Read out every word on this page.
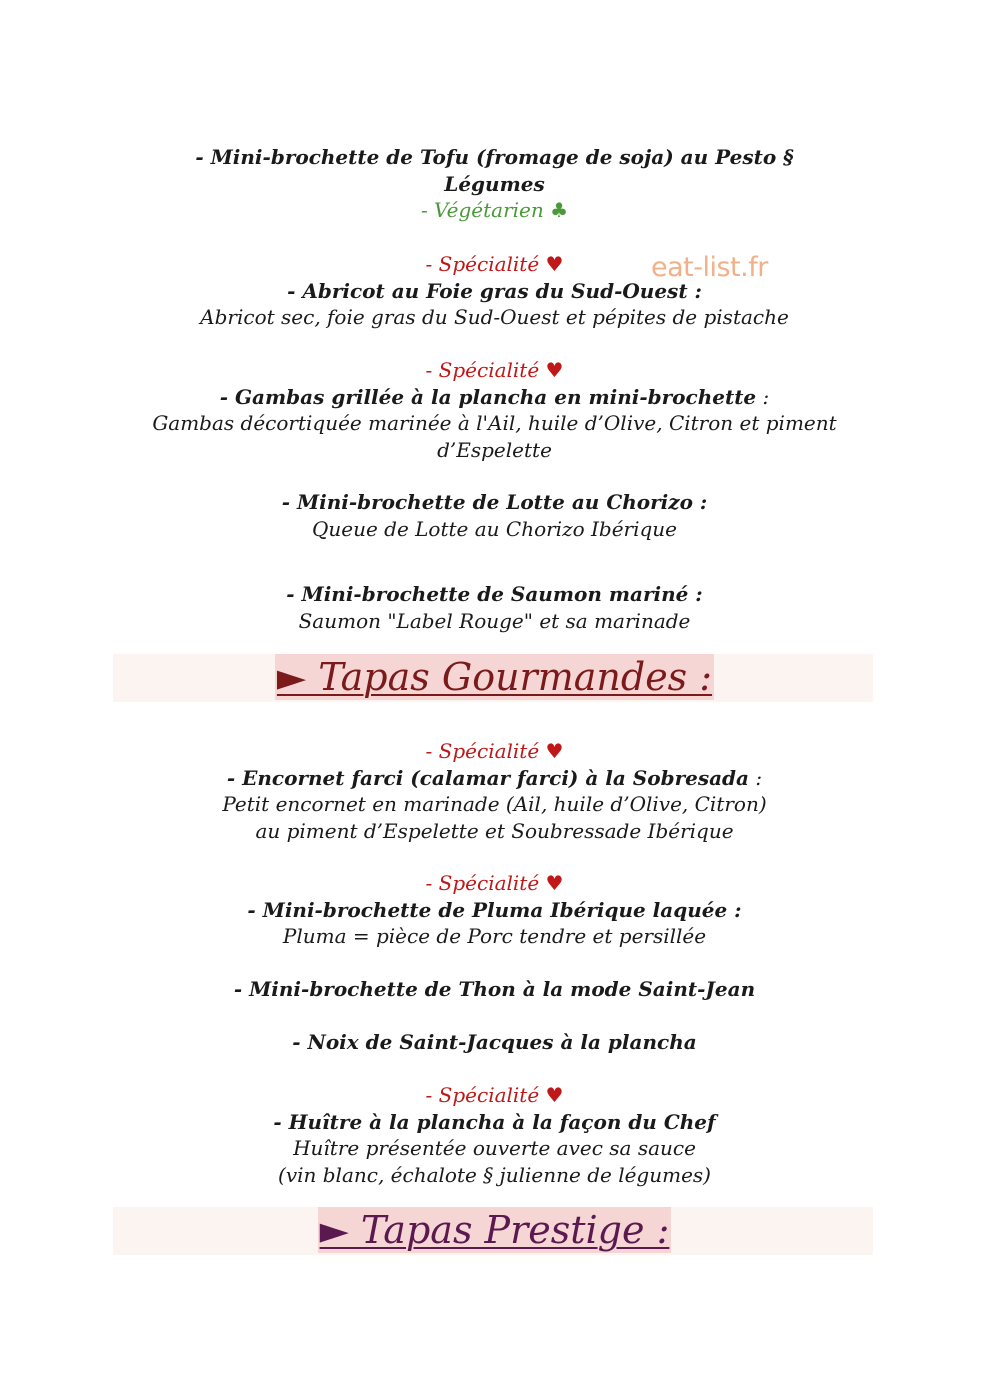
eat-list.fr
- Mini-brochette de Tofu (fromage de soja) au Pesto §
Légumes
- Végétarien ♣
- Spécialité ♥
- Abricot au Foie gras du Sud-Ouest :
Abricot sec, foie gras du Sud-Ouest et pépites de pistache
- Spécialité ♥
- Gambas grillée à la plancha en mini-brochette :
Gambas décortiquée marinée à l'Ail, huile d’Olive, Citron et piment
d’Espelette
- Mini-brochette de Lotte au Chorizo :
Queue de Lotte au Chorizo Ibérique
- Mini-brochette de Saumon mariné :
Saumon "Label Rouge" et sa marinade
► Tapas Gourmandes :
- Spécialité ♥
- Encornet farci (calamar farci) à la Sobresada :
Petit encornet en marinade (Ail, huile d’Olive, Citron)
au piment d’Espelette et Soubressade Ibérique
- Spécialité ♥
- Mini-brochette de Pluma Ibérique laquée :
Pluma = pièce de Porc tendre et persillée
- Mini-brochette de Thon à la mode Saint-Jean
- Noix de Saint-Jacques à la plancha
- Spécialité ♥
- Huître à la plancha à la façon du Chef
Huître présentée ouverte avec sa sauce
(vin blanc, échalote § julienne de légumes)
► Tapas Prestige :
